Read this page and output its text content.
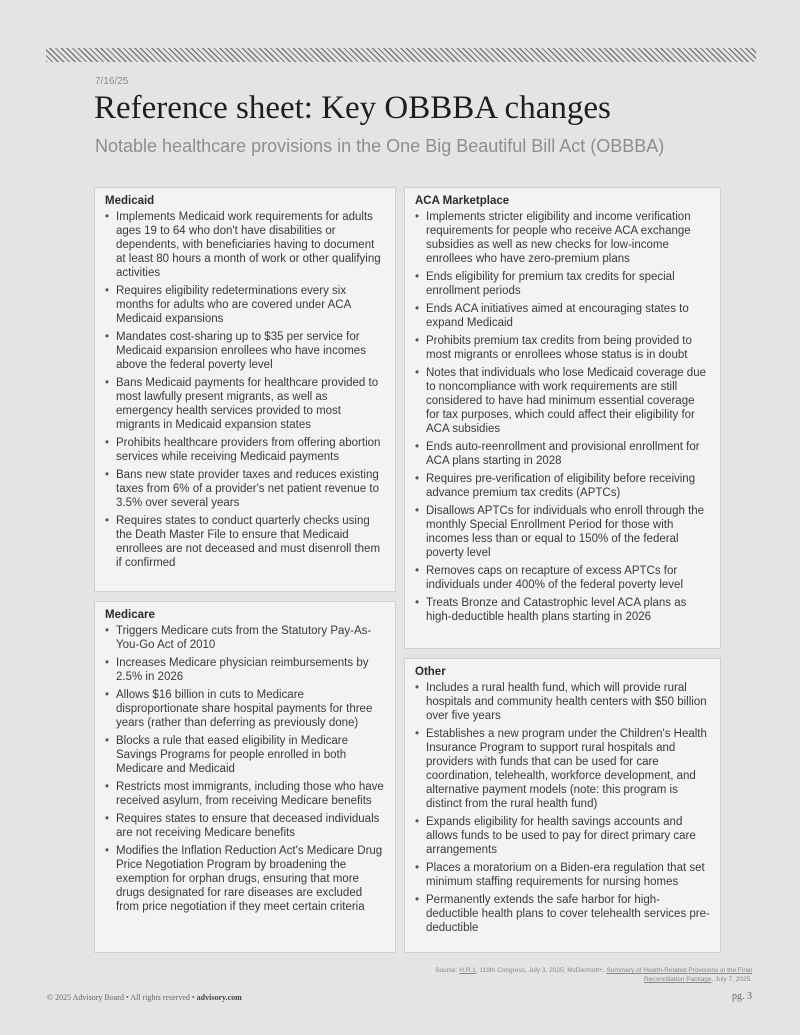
7/16/25
Reference sheet: Key OBBBA changes
Notable healthcare provisions in the One Big Beautiful Bill Act (OBBBA)
Medicaid
• Implements Medicaid work requirements for adults ages 19 to 64 who don't have disabilities or dependents, with beneficiaries having to document at least 80 hours a month of work or other qualifying activities
• Requires eligibility redeterminations every six months for adults who are covered under ACA Medicaid expansions
• Mandates cost-sharing up to $35 per service for Medicaid expansion enrollees who have incomes above the federal poverty level
• Bans Medicaid payments for healthcare provided to most lawfully present migrants, as well as emergency health services provided to most migrants in Medicaid expansion states
• Prohibits healthcare providers from offering abortion services while receiving Medicaid payments
• Bans new state provider taxes and reduces existing taxes from 6% of a provider's net patient revenue to 3.5% over several years
• Requires states to conduct quarterly checks using the Death Master File to ensure that Medicaid enrollees are not deceased and must disenroll them if confirmed
Medicare
• Triggers Medicare cuts from the Statutory Pay-As-You-Go Act of 2010
• Increases Medicare physician reimbursements by 2.5% in 2026
• Allows $16 billion in cuts to Medicare disproportionate share hospital payments for three years (rather than deferring as previously done)
• Blocks a rule that eased eligibility in Medicare Savings Programs for people enrolled in both Medicare and Medicaid
• Restricts most immigrants, including those who have received asylum, from receiving Medicare benefits
• Requires states to ensure that deceased individuals are not receiving Medicare benefits
• Modifies the Inflation Reduction Act's Medicare Drug Price Negotiation Program by broadening the exemption for orphan drugs, ensuring that more drugs designated for rare diseases are excluded from price negotiation if they meet certain criteria
ACA Marketplace
• Implements stricter eligibility and income verification requirements for people who receive ACA exchange subsidies as well as new checks for low-income enrollees who have zero-premium plans
• Ends eligibility for premium tax credits for special enrollment periods
• Ends ACA initiatives aimed at encouraging states to expand Medicaid
• Prohibits premium tax credits from being provided to most migrants or enrollees whose status is in doubt
• Notes that individuals who lose Medicaid coverage due to noncompliance with work requirements are still considered to have had minimum essential coverage for tax purposes, which could affect their eligibility for ACA subsidies
• Ends auto-reenrollment and provisional enrollment for ACA plans starting in 2028
• Requires pre-verification of eligibility before receiving advance premium tax credits (APTCs)
• Disallows APTCs for individuals who enroll through the monthly Special Enrollment Period for those with incomes less than or equal to 150% of the federal poverty level
• Removes caps on recapture of excess APTCs for individuals under 400% of the federal poverty level
• Treats Bronze and Catastrophic level ACA plans as high-deductible health plans starting in 2026
Other
• Includes a rural health fund, which will provide rural hospitals and community health centers with $50 billion over five years
• Establishes a new program under the Children's Health Insurance Program to support rural hospitals and providers with funds that can be used for care coordination, telehealth, workforce development, and alternative payment models (note: this program is distinct from the rural health fund)
• Expands eligibility for health savings accounts and allows funds to be used to pay for direct primary care arrangements
• Places a moratorium on a Biden-era regulation that set minimum staffing requirements for nursing homes
• Permanently extends the safe harbor for high-deductible health plans to cover telehealth services pre-deductible
Source: H.R.1, 119th Congress, July 3, 2025; McDermott+, Summary of Health-Related Provisions in the Final Reconciliation Package, July 7, 2025.
© 2025 Advisory Board • All rights reserved • advisory.com	pg. 3
